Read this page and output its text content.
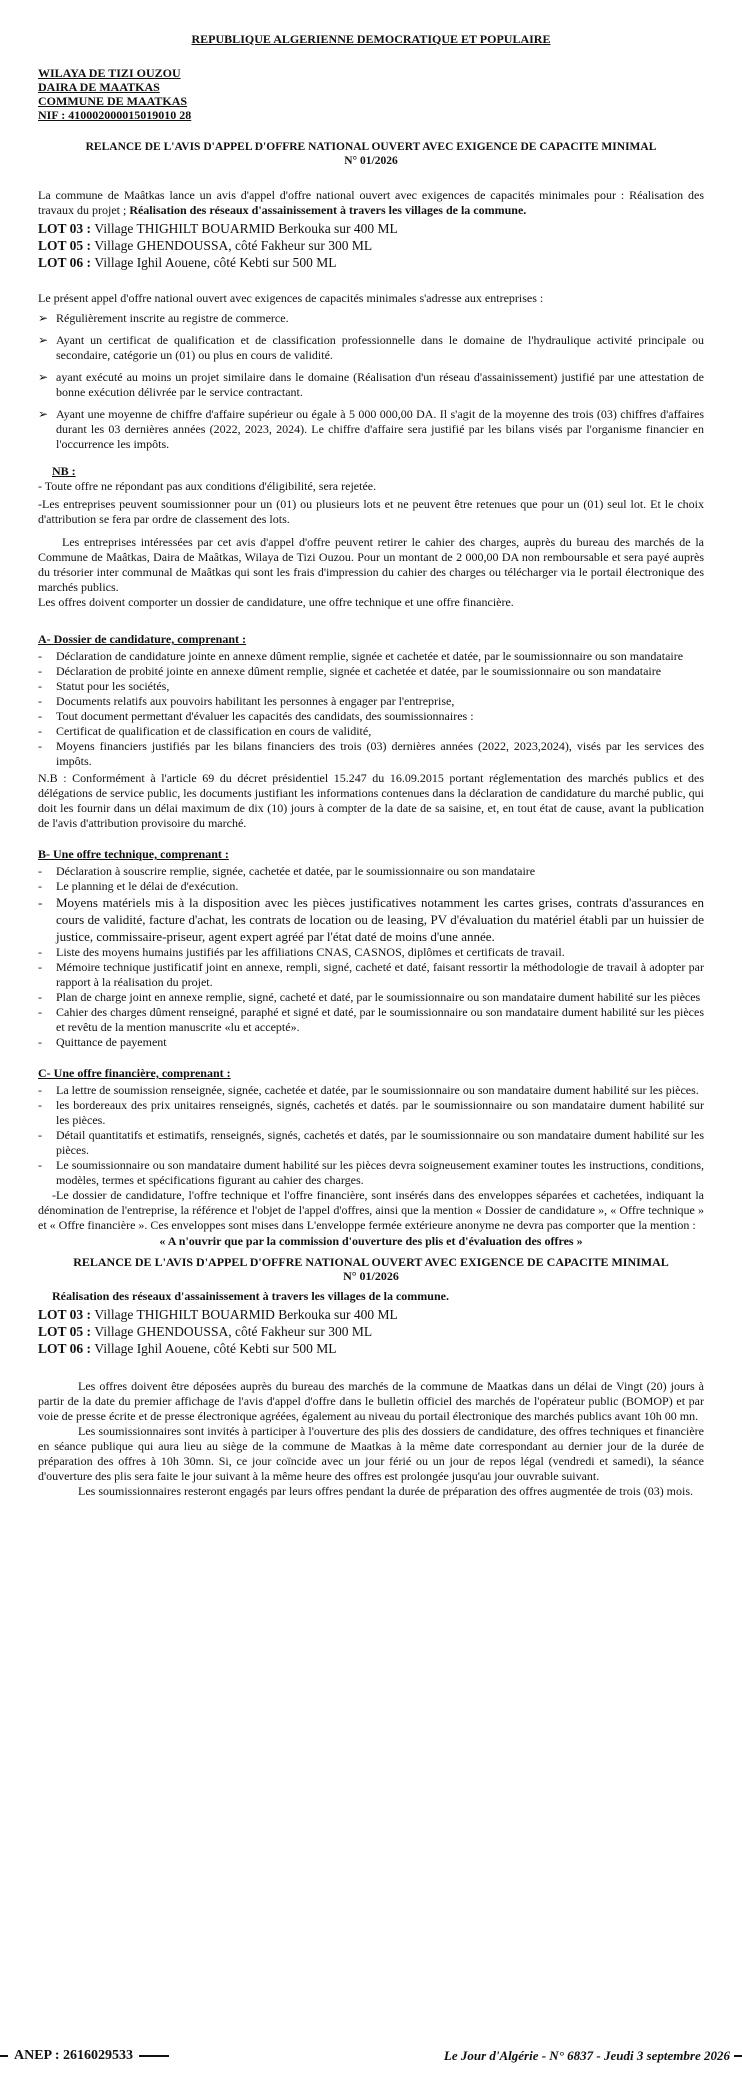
REPUBLIQUE ALGERIENNE DEMOCRATIQUE ET POPULAIRE
WILAYA DE TIZI OUZOU
DAIRA DE MAATKAS
COMMUNE DE MAATKAS
NIF : 410002000015019010 28
RELANCE DE L'AVIS D'APPEL D'OFFRE NATIONAL OUVERT AVEC EXIGENCE DE CAPACITE MINIMAL
N° 01/2026

La commune de Maâtkas lance un avis d'appel d'offre national ouvert avec exigences de capacités minimales pour : Réalisation des travaux du projet ; Réalisation des réseaux d'assainissement à travers les villages de la commune.

LOT 03 : Village THIGHILT BOUARMID Berkouka sur 400 ML
LOT 05 : Village GHENDOUSSA, côté Fakheur sur 300 ML
LOT 06 : Village Ighil Aouene, côté Kebti sur 500 ML

Le présent appel d'offre national ouvert avec exigences de capacités minimales s'adresse aux entreprises :

➢ Régulièrement inscrite au registre de commerce.
➢ Ayant un certificat de qualification et de classification professionnelle dans le domaine de l'hydraulique activité principale ou secondaire, catégorie un (01) ou plus en cours de validité.
➢ ayant exécuté au moins un projet similaire dans le domaine (Réalisation d'un réseau d'assainissement) justifié par une attestation de bonne exécution délivrée par le service contractant.
➢ Ayant une moyenne de chiffre d'affaire supérieur ou égale à 5 000 000,00 DA. Il s'agit de la moyenne des trois (03) chiffres d'affaires durant les 03 dernières années (2022, 2023, 2024). Le chiffre d'affaire sera justifié par les bilans visés par l'organisme financier en l'occurrence les impôts.
NB :

- Toute offre ne répondant pas aux conditions d'éligibilité, sera rejetée.

-Les entreprises peuvent soumissionner pour un (01) ou plusieurs lots et ne peuvent être retenues que pour un (01) seul lot. Et le choix d'attribution se fera par ordre de classement des lots.

Les entreprises intéressées par cet avis d'appel d'offre peuvent retirer le cahier des charges, auprès du bureau des marchés de la Commune de Maâtkas, Daira de Maâtkas, Wilaya de Tizi Ouzou. Pour un montant de 2 000,00 DA non remboursable et sera payé auprès du trésorier inter communal de Maâtkas qui sont les frais d'impression du cahier des charges ou télécharger via le portail électronique des marchés publics.

Les offres doivent comporter un dossier de candidature, une offre technique et une offre financière.

A- Dossier de candidature, comprenant :
-	Déclaration de candidature jointe en annexe dûment remplie, signée et cachetée et datée, par le soumissionnaire ou son mandataire
-	Déclaration de probité jointe en annexe dûment remplie, signée et cachetée et datée, par le soumissionnaire ou son mandataire
-	Statut pour les sociétés,
-	Documents relatifs aux pouvoirs habilitant les personnes à engager par l'entreprise,
-	Tout document permettant d'évaluer les capacités des candidats, des soumissionnaires :
-	Certificat de qualification et de classification en cours de validité,
-	Moyens financiers justifiés par les bilans financiers des trois (03) dernières années (2022, 2023,2024), visés par les services des impôts.

N.B : Conformément à l'article 69 du décret présidentiel 15.247 du 16.09.2015 portant réglementation des marchés publics et des délégations de service public, les documents justifiant les informations contenues dans la déclaration de candidature du marché public, qui doit les fournir dans un délai maximum de dix (10) jours à compter de la date de sa saisine, et, en tout état de cause, avant la publication de l'avis d'attribution provisoire du marché.

B- Une offre technique, comprenant :
-	Déclaration à souscrire remplie, signée, cachetée et datée, par le soumissionnaire ou son mandataire
-	Le planning et le délai de d'exécution.
-	Moyens matériels mis à la disposition avec les pièces justificatives notamment les cartes grises, contrats d'assurances en cours de validité, facture d'achat, les contrats de location ou de leasing, PV d'évaluation du matériel établi par un huissier de justice, commissaire-priseur, agent expert agréé par l'état daté de moins d'une année.
-	Liste des moyens humains justifiés par les affiliations CNAS, CASNOS, diplômes et certificats de travail.
-	Mémoire technique justificatif joint en annexe, rempli, signé, cacheté et daté, faisant ressortir la méthodologie de travail à adopter par rapport à la réalisation du projet.
-	Plan de charge joint en annexe remplie, signé, cacheté et daté, par le soumissionnaire ou son mandataire dument habilité sur les pièces
-	Cahier des charges dûment renseigné, paraphé et signé et daté, par le soumissionnaire ou son mandataire dument habilité sur les pièces et revêtu de la mention manuscrite «lu et accepté».
-	Quittance de payement
C- Une offre financière, comprenant :
-	La lettre de soumission renseignée, signée, cachetée et datée, par le soumissionnaire ou son mandataire dument habilité sur les pièces.
-	les bordereaux des prix unitaires renseignés, signés, cachetés et datés. par le soumissionnaire ou son mandataire dument habilité sur les pièces.
-	Détail quantitatifs et estimatifs, renseignés, signés, cachetés et datés, par le soumissionnaire ou son mandataire dument habilité sur les pièces.
-	Le soumissionnaire ou son mandataire dument habilité sur les pièces devra soigneusement examiner toutes les instructions, conditions, modèles, termes et spécifications figurant au cahier des charges.

-Le dossier de candidature, l'offre technique et l'offre financière, sont insérés dans des enveloppes séparées et cachetées, indiquant la dénomination de l'entreprise, la référence et l'objet de l'appel d'offres, ainsi que la mention « Dossier de candidature », « Offre technique » et « Offre financière ». Ces enveloppes sont mises dans L'enveloppe fermée extérieure anonyme ne devra pas comporter que la mention :

« A n'ouvrir que par la commission d'ouverture des plis et d'évaluation des offres »
RELANCE DE L'AVIS D'APPEL D'OFFRE NATIONAL OUVERT AVEC EXIGENCE DE CAPACITE MINIMAL
N° 01/2026
Réalisation des réseaux d'assainissement à travers les villages de la commune.
LOT 03 : Village THIGHILT BOUARMID Berkouka sur 400 ML
LOT 05 : Village GHENDOUSSA, côté Fakheur sur 300 ML
LOT 06 : Village Ighil Aouene, côté Kebti sur 500 ML

Les offres doivent être déposées auprès du bureau des marchés de la commune de Maatkas dans un délai de Vingt (20) jours à partir de la date du premier affichage de l'avis d'appel d'offre dans le bulletin officiel des marchés de l'opérateur public (BOMOP) et par voie de presse écrite et de presse électronique agréées, également au niveau du portail électronique des marchés publics avant 10h 00 mn.

Les soumissionnaires sont invités à participer à l'ouverture des plis des dossiers de candidature, des offres techniques et financière en séance publique qui aura lieu au siège de la commune de Maatkas à la même date correspondant au dernier jour de la durée de préparation des offres à 10h 30mn. Si, ce jour coïncide avec un jour férié ou un jour de repos légal (vendredi et samedi), la séance d'ouverture des plis sera faite le jour suivant à la même heure des offres est prolongée jusqu'au jour ouvrable suivant.

Les soumissionnaires resteront engagés par leurs offres pendant la durée de préparation des offres augmentée de trois (03) mois.

ANEP : 2616029533	Le Jour d'Algérie - N° 6837 - Jeudi 3 septembre 2026
